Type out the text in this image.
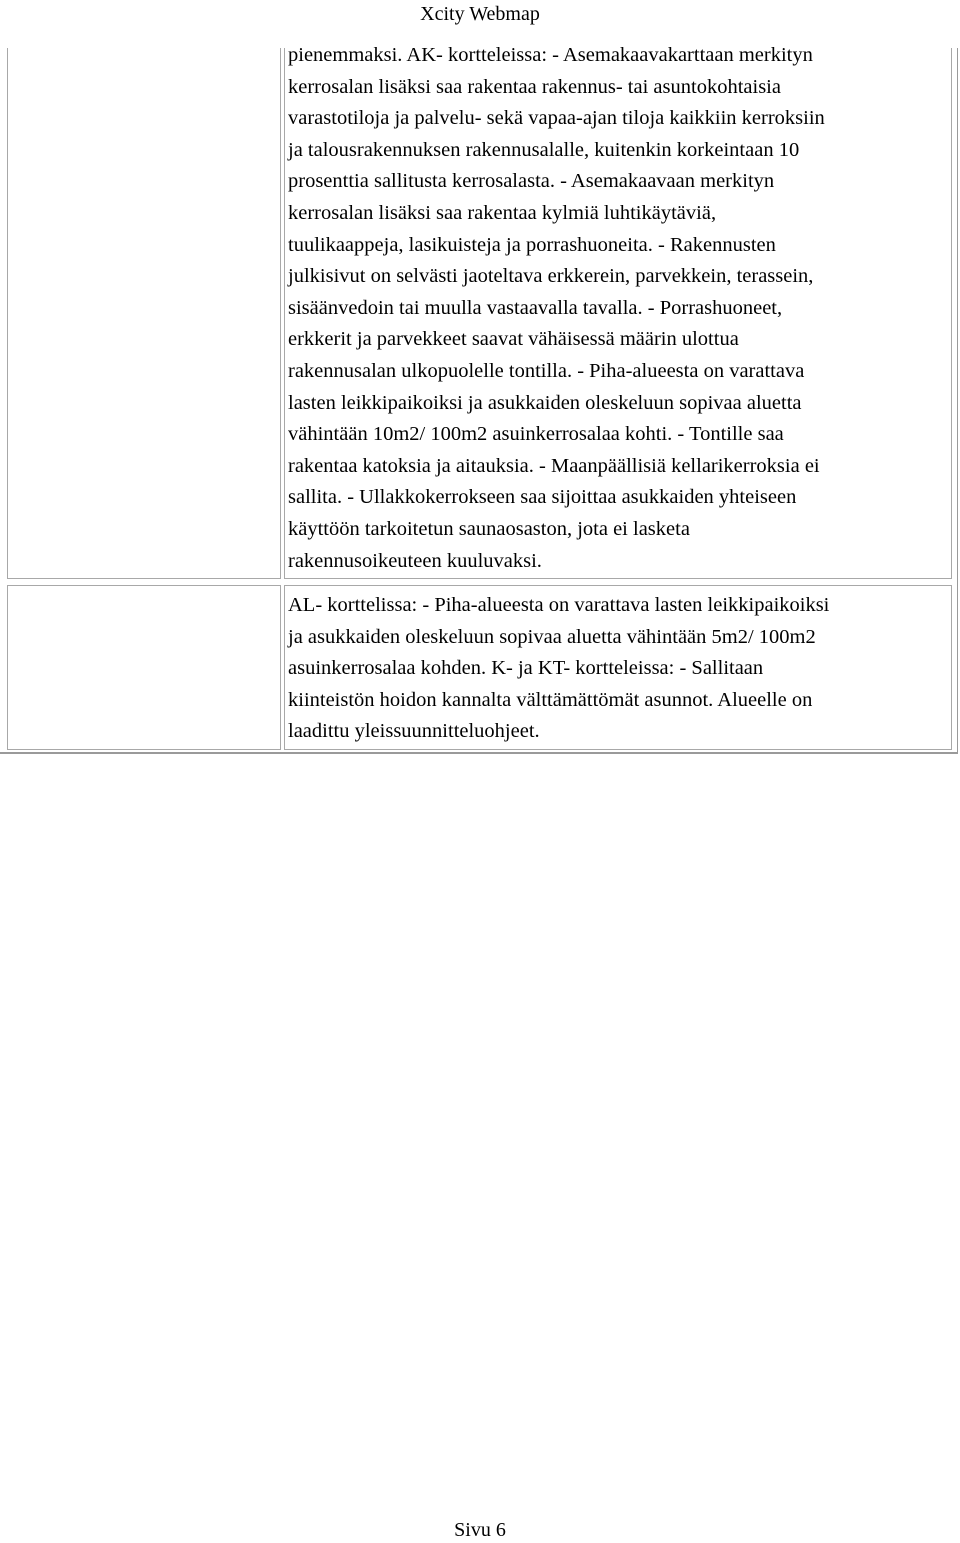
Xcity Webmap
pienemmaksi. AK- kortteleissa: - Asemakaavakarttaan merkityn
kerrosalan lisäksi saa rakentaa rakennus- tai asuntokohtaisia
varastotiloja ja palvelu- sekä vapaa-ajan tiloja kaikkiin kerroksiin
ja talousrakennuksen rakennusalalle, kuitenkin korkeintaan 10
prosenttia sallitusta kerrosalasta. - Asemakaavaan merkityn
kerrosalan lisäksi saa rakentaa kylmiä luhtikäytäviä,
tuulikaappeja, lasikuisteja ja porrashuoneita. - Rakennusten
julkisivut on selvästi jaoteltava erkkerein, parvekkein, terassein,
sisäänvedoin tai muulla vastaavalla tavalla. - Porrashuoneet,
erkkerit ja parvekkeet saavat vähäisessä määrin ulottua
rakennusalan ulkopuolelle tontilla. - Piha-alueesta on varattava
lasten leikkipaikoiksi ja asukkaiden oleskeluun sopivaa aluetta
vähintään 10m2/ 100m2 asuinkerrosalaa kohti. - Tontille saa
rakentaa katoksia ja aitauksia. - Maanpäällisiä kellarikerroksia ei
sallita. - Ullakkokerrokseen saa sijoittaa asukkaiden yhteiseen
käyttöön tarkoitetun saunaosaston, jota ei lasketa
rakennusoikeuteen kuuluvaksi.
AL- korttelissa: - Piha-alueesta on varattava lasten leikkipaikoiksi
ja asukkaiden oleskeluun sopivaa aluetta vähintään 5m2/ 100m2
asuinkerrosalaa kohden. K- ja KT- kortteleissa: - Sallitaan
kiinteistön hoidon kannalta välttämättömät asunnot. Alueelle on
laadittu yleissuunnitteluohjeet.
Sivu 6
